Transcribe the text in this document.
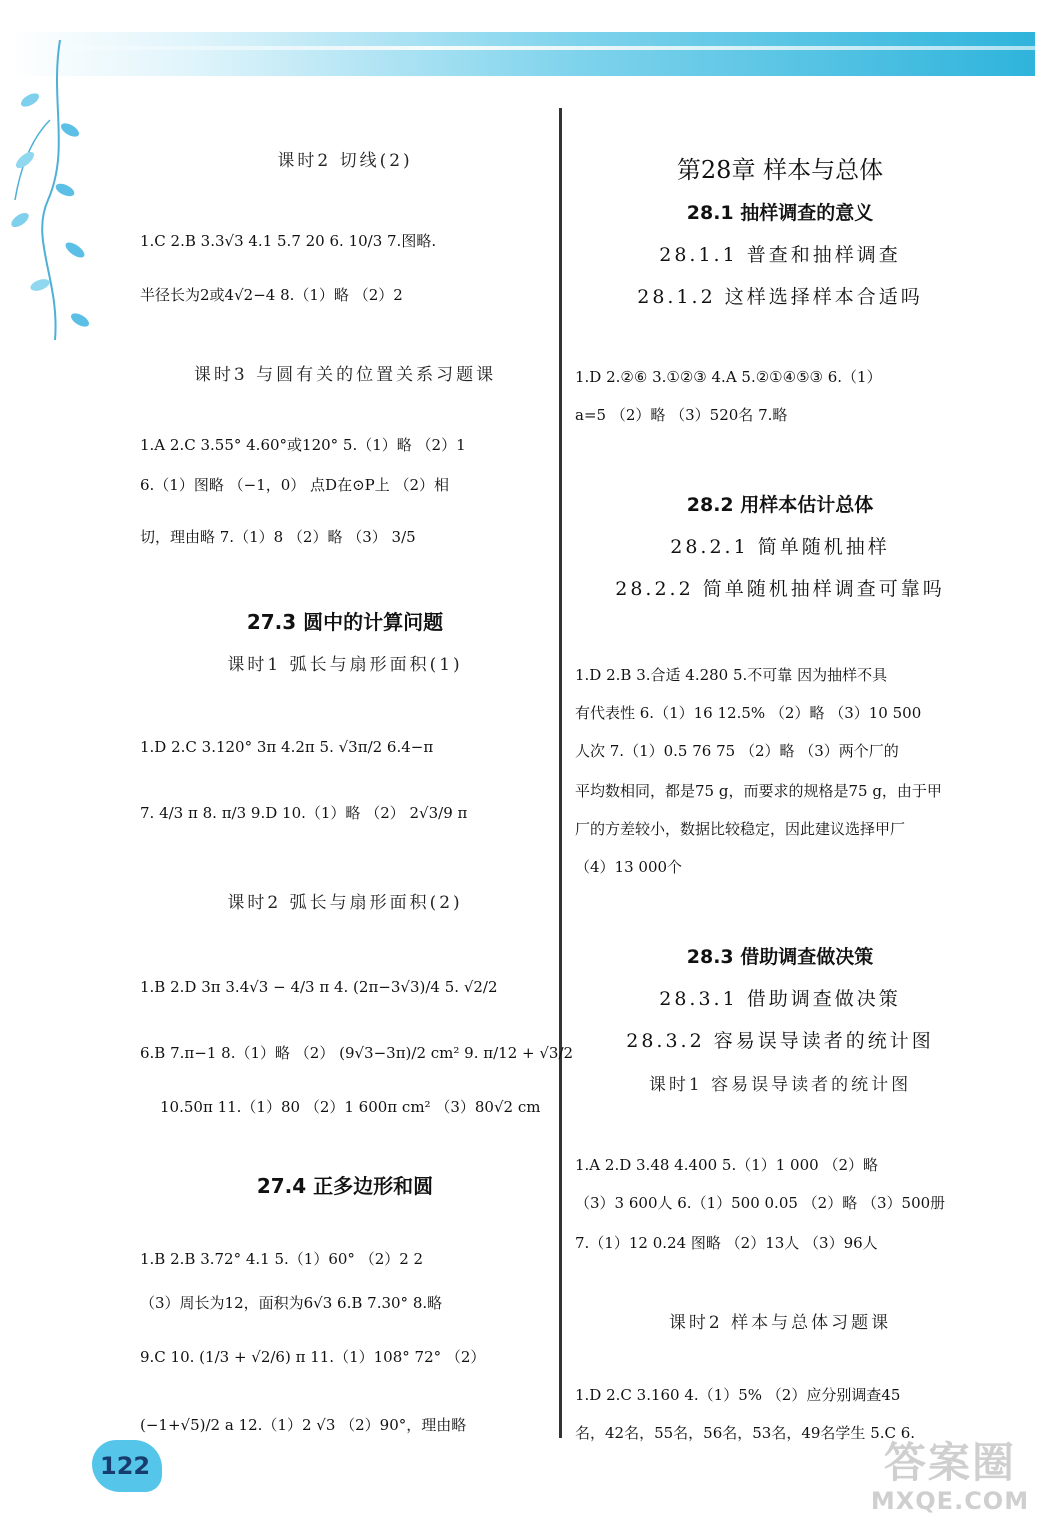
课时2 切线(2)
1.C 2.B 3.3√3 4.1 5.7 20 6. 10/3 7.图略.
半径长为2或4√2−4 8.（1）略 （2）2
课时3 与圆有关的位置关系习题课
1.A 2.C 3.55° 4.60°或120° 5.（1）略 （2）1
6.（1）图略 （−1，0） 点D在⊙P上 （2）相
切，理由略 7.（1）8 （2）略 （3） 3/5
27.3 圆中的计算问题
课时1 弧长与扇形面积(1)
1.D 2.C 3.120° 3π 4.2π 5. √3π/2 6.4−π
7. 4/3 π 8. π/3 9.D 10.（1）略 （2） 2√3/9 π
课时2 弧长与扇形面积(2)
1.B 2.D 3π 3.4√3 − 4/3 π 4. (2π−3√3)/4 5. √2/2
6.B 7.π−1 8.（1）略 （2） (9√3−3π)/2 cm² 9. π/12 + √3/2
10.50π 11.（1）80 （2）1 600π cm² （3）80√2 cm
27.4 正多边形和圆
1.B 2.B 3.72° 4.1 5.（1）60° （2）2 2
（3）周长为12，面积为6√3 6.B 7.30° 8.略
9.C 10. (1/3 + √2/6) π 11.（1）108° 72° （2）
(−1+√5)/2 a 12.（1）2 √3 （2）90°，理由略
第28章 样本与总体
28.1 抽样调查的意义
28.1.1 普查和抽样调查
28.1.2 这样选择样本合适吗
1.D 2.②⑥ 3.①②③ 4.A 5.②①④⑤③ 6.（1）
a=5 （2）略 （3）520名 7.略
28.2 用样本估计总体
28.2.1 简单随机抽样
28.2.2 简单随机抽样调查可靠吗
1.D 2.B 3.合适 4.280 5.不可靠 因为抽样不具
有代表性 6.（1）16 12.5% （2）略 （3）10 500
人次 7.（1）0.5 76 75 （2）略 （3）两个厂的
平均数相同，都是75 g，而要求的规格是75 g，由于甲
厂的方差较小，数据比较稳定，因此建议选择甲厂
（4）13 000个
28.3 借助调查做决策
28.3.1 借助调查做决策
28.3.2 容易误导读者的统计图
课时1 容易误导读者的统计图
1.A 2.D 3.48 4.400 5.（1）1 000 （2）略
（3）3 600人 6.（1）500 0.05 （2）略 （3）500册
7.（1）12 0.24 图略 （2）13人 （3）96人
课时2 样本与总体习题课
1.D 2.C 3.160 4.（1）5% （2）应分别调查45
名，42名，55名，56名，53名，49名学生 5.C 6.
122	答案圈
MXQE.COM
